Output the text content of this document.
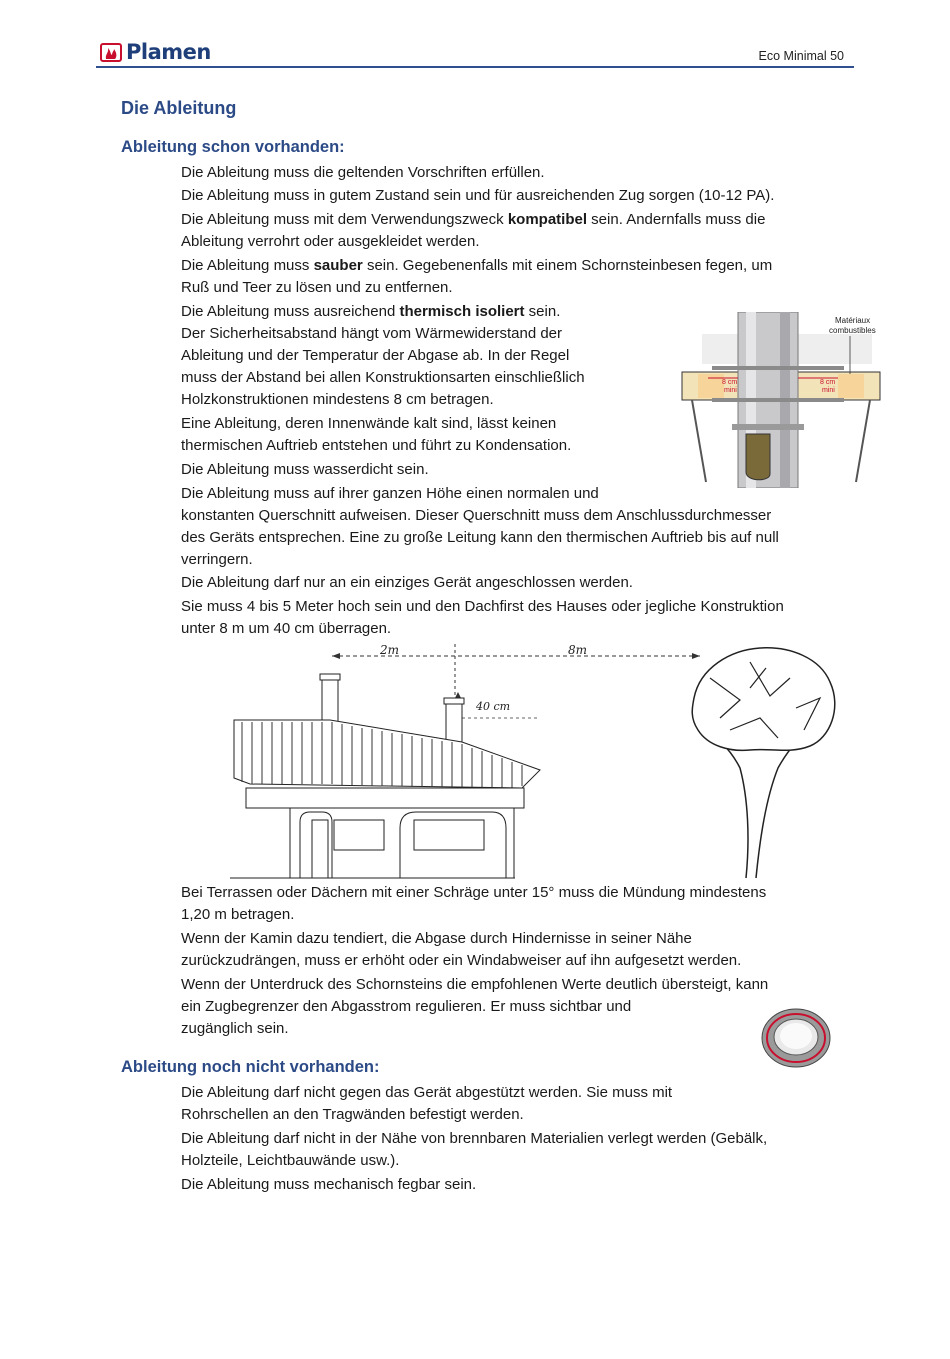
Plamen	Eco Minimal 50
Die Ableitung
Ableitung schon vorhanden:

Die Ableitung muss die geltenden Vorschriften erfüllen.

Die Ableitung muss in gutem Zustand sein und für ausreichenden Zug sorgen (10-12 PA).

Die Ableitung muss mit dem Verwendungszweck kompatibel sein. Andernfalls muss die
Ableitung verrohrt oder ausgekleidet werden.

Die Ableitung muss sauber sein. Gegebenenfalls mit einem Schornsteinbesen fegen, um
Ruß und Teer zu lösen und zu entfernen.

Die Ableitung muss ausreichend thermisch isoliert sein.
Der Sicherheitsabstand hängt vom Wärmewiderstand der
Ableitung und der Temperatur der Abgase ab. In der Regel
muss der Abstand bei allen Konstruktionsarten einschließlich
Holzkonstruktionen mindestens 8 cm betragen.

Eine Ableitung, deren Innenwände kalt sind, lässt keinen
thermischen Auftrieb entstehen und führt zu Kondensation.

Die Ableitung muss wasserdicht sein.

Die Ableitung muss auf ihrer ganzen Höhe einen normalen und
konstanten Querschnitt aufweisen. Dieser Querschnitt muss dem Anschlussdurchmesser
des Geräts entsprechen. Eine zu große Leitung kann den thermischen Auftrieb bis auf null
verringern.

Die Ableitung darf nur an ein einziges Gerät angeschlossen werden.

Sie muss 4 bis 5 Meter hoch sein und den Dachfirst des Hauses oder jegliche Konstruktion
unter 8 m um 40 cm überragen.

8 cm
mini
8 cm
mini
Matériaux
combustibles
2m	8m
40 cm

Bei Terrassen oder Dächern mit einer Schräge unter 15° muss die Mündung mindestens
1,20 m betragen.

Wenn der Kamin dazu tendiert, die Abgase durch Hindernisse in seiner Nähe
zurückzudrängen, muss er erhöht oder ein Windabweiser auf ihn aufgesetzt werden.

Wenn der Unterdruck des Schornsteins die empfohlenen Werte deutlich übersteigt, kann
ein Zugbegrenzer den Abgasstrom regulieren. Er muss sichtbar und
zugänglich sein.

Ableitung noch nicht vorhanden:

Die Ableitung darf nicht gegen das Gerät abgestützt werden. Sie muss mit
Rohrschellen an den Tragwänden befestigt werden.

Die Ableitung darf nicht in der Nähe von brennbaren Materialien verlegt werden (Gebälk,
Holzteile, Leichtbauwände usw.).

Die Ableitung muss mechanisch fegbar sein.
